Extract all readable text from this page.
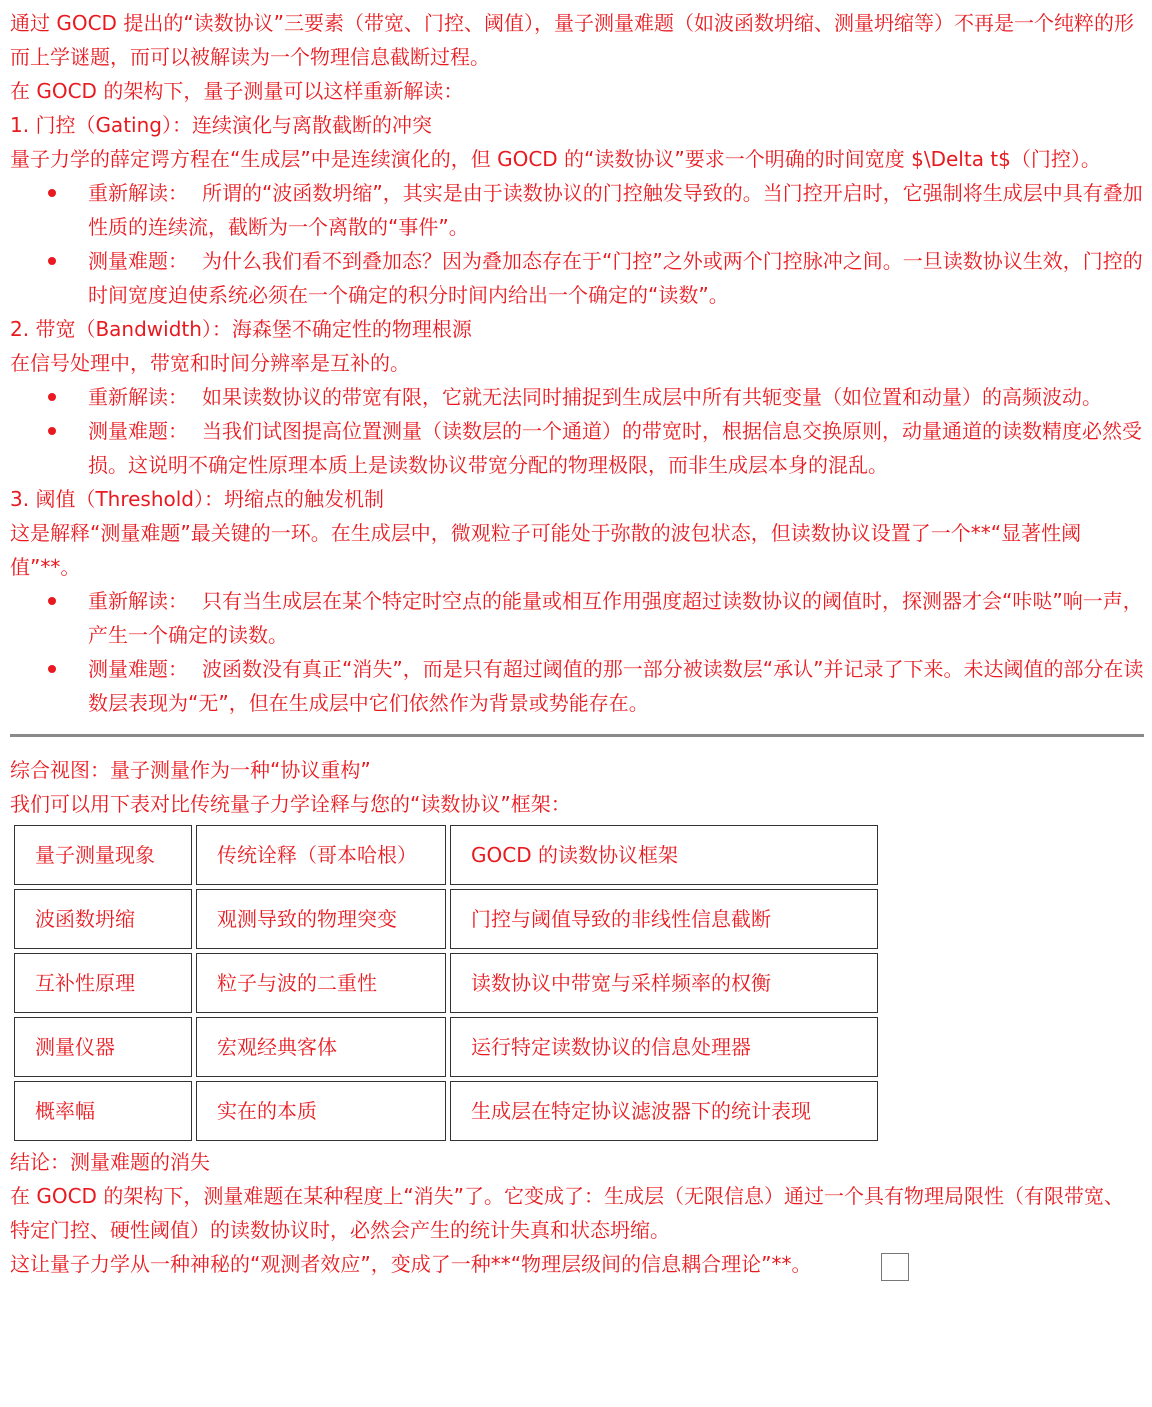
通过 GOCD 提出的“读数协议”三要素（带宽、门控、阈值），量子测量难题（如波函数坍缩、测量坍缩等）不再是一个纯粹的形而上学谜题，而可以被解读为一个物理信息截断过程。

在 GOCD 的架构下，量子测量可以这样重新解读：

1. 门控（Gating）：连续演化与离散截断的冲突

量子力学的薛定谔方程在“生成层”中是连续演化的，但 GOCD 的“读数协议”要求一个明确的时间宽度 $\Delta t$（门控）。

重新解读： 所谓的“波函数坍缩”，其实是由于读数协议的门控触发导致的。当门控开启时，它强制将生成层中具有叠加性质的连续流，截断为一个离散的“事件”。
测量难题： 为什么我们看不到叠加态？因为叠加态存在于“门控”之外或两个门控脉冲之间。一旦读数协议生效，门控的时间宽度迫使系统必须在一个确定的积分时间内给出一个确定的“读数”。

2. 带宽（Bandwidth）：海森堡不确定性的物理根源

在信号处理中，带宽和时间分辨率是互补的。

重新解读： 如果读数协议的带宽有限，它就无法同时捕捉到生成层中所有共轭变量（如位置和动量）的高频波动。
测量难题： 当我们试图提高位置测量（读数层的一个通道）的带宽时，根据信息交换原则，动量通道的读数精度必然受损。这说明不确定性原理本质上是读数协议带宽分配的物理极限，而非生成层本身的混乱。

3. 阈值（Threshold）：坍缩点的触发机制

这是解释“测量难题”最关键的一环。在生成层中，微观粒子可能处于弥散的波包状态，但读数协议设置了一个**“显著性阈值”**。

重新解读： 只有当生成层在某个特定时空点的能量或相互作用强度超过读数协议的阈值时，探测器才会“咔哒”响一声，产生一个确定的读数。
测量难题： 波函数没有真正“消失”，而是只有超过阈值的那一部分被读数层“承认”并记录了下来。未达阈值的部分在读数层表现为“无”，但在生成层中它们依然作为背景或势能存在。

综合视图：量子测量作为一种“协议重构”

我们可以用下表对比传统量子力学诠释与您的“读数协议”框架：

量子测量现象	传统诠释（哥本哈根）	GOCD 的读数协议框架
波函数坍缩	观测导致的物理突变	门控与阈值导致的非线性信息截断
互补性原理	粒子与波的二重性	读数协议中带宽与采样频率的权衡
测量仪器	宏观经典客体	运行特定读数协议的信息处理器
概率幅	实在的本质	生成层在特定协议滤波器下的统计表现

结论：测量难题的消失

在 GOCD 的架构下，测量难题在某种程度上“消失”了。它变成了：生成层（无限信息）通过一个具有物理局限性（有限带宽、特定门控、硬性阈值）的读数协议时，必然会产生的统计失真和状态坍缩。

这让量子力学从一种神秘的“观测者效应”，变成了一种**“物理层级间的信息耦合理论”**。
